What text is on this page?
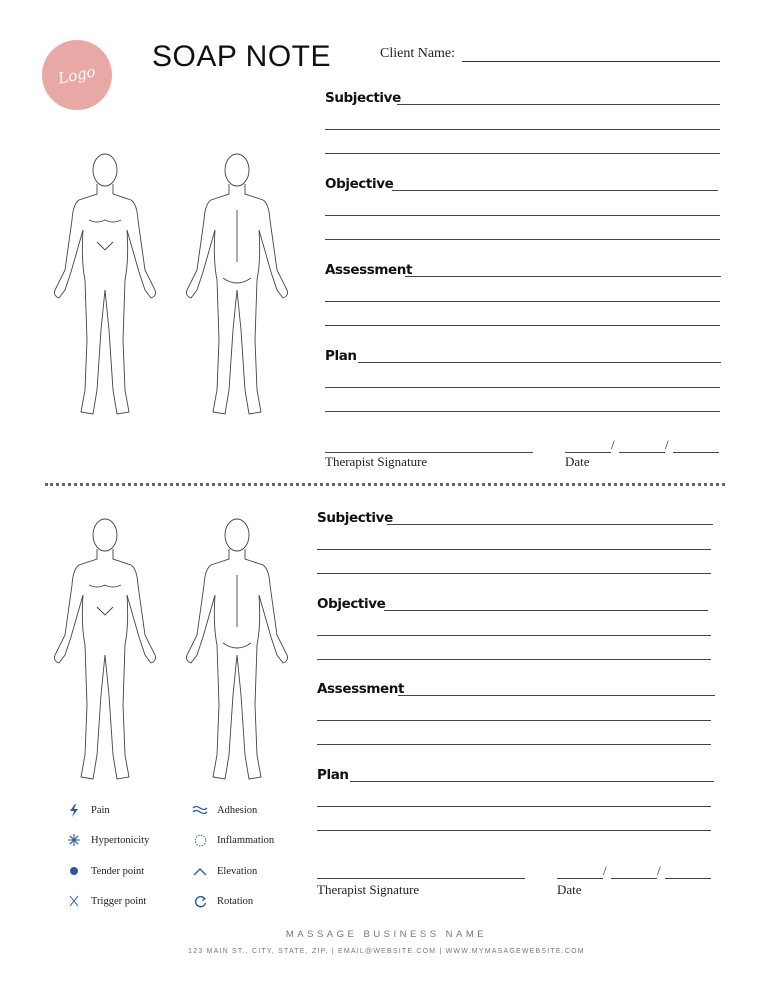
Logo
SOAP NOTE	Client Name:
Subjective
Objective
Assessment
Plan
Therapist Signature
/	/
Date
Subjective
Objective
Assessment
Plan
Therapist Signature
/	/
Date
Pain	Adhesion
Hypertonicity	Inflammation
Tender point	Elevation
Trigger point	Rotation
MASSAGE BUSINESS NAME
123 MAIN ST., CITY, STATE, ZIP, | EMAIL@WEBSITE.COM | WWW.MYMASAGEWEBSITE.COM
